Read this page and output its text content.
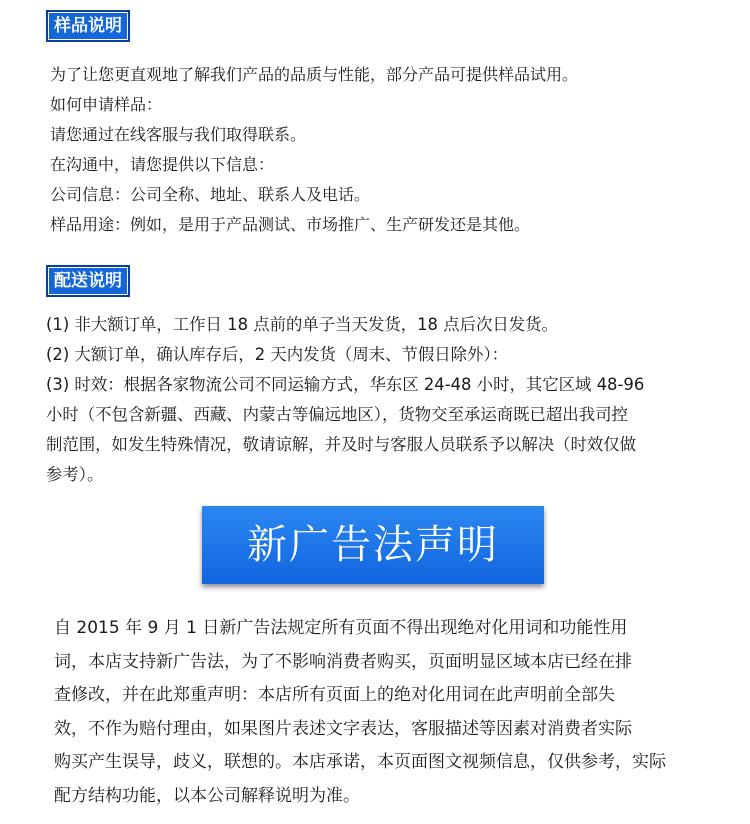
样品说明
为了让您更直观地了解我们产品的品质与性能，部分产品可提供样品试用。
如何申请样品：
请您通过在线客服与我们取得联系。
在沟通中，请您提供以下信息：
公司信息：公司全称、地址、联系人及电话。
样品用途：例如，是用于产品测试、市场推广、生产研发还是其他。
配送说明
(1) 非大额订单，工作日 18 点前的单子当天发货，18 点后次日发货。
(2) 大额订单，确认库存后，2 天内发货（周末、节假日除外）：
(3) 时效：根据各家物流公司不同运输方式，华东区 24-48 小时，其它区域 48-96
小时（不包含新疆、西藏、内蒙古等偏远地区），货物交至承运商既已超出我司控
制范围，如发生特殊情况，敬请谅解，并及时与客服人员联系予以解决（时效仅做
参考）。
新广告法声明
自 2015 年 9 月 1 日新广告法规定所有页面不得出现绝对化用词和功能性用
词，本店支持新广告法，为了不影响消费者购买，页面明显区域本店已经在排
查修改，并在此郑重声明：本店所有页面上的绝对化用词在此声明前全部失
效，不作为赔付理由，如果图片表述文字表达，客服描述等因素对消费者实际
购买产生误导，歧义，联想的。本店承诺，本页面图文视频信息，仅供参考，实际
配方结构功能，以本公司解释说明为准。
